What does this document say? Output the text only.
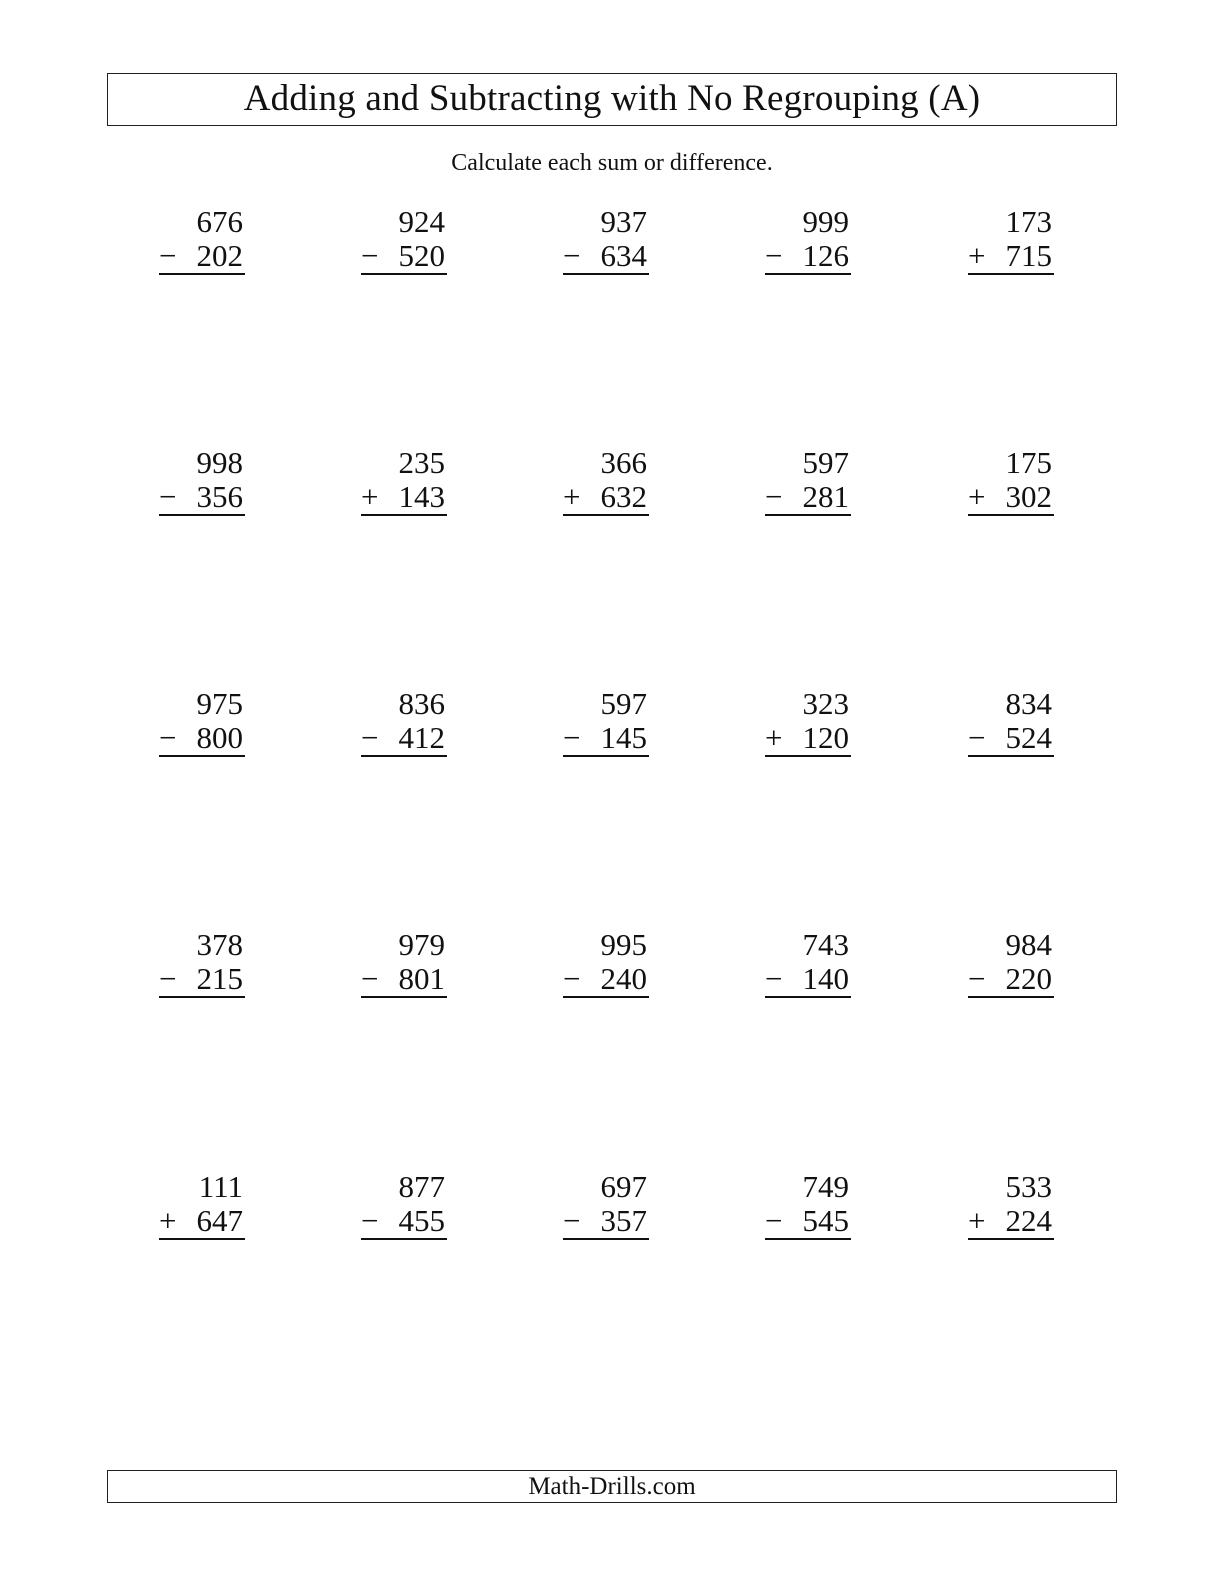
Adding and Subtracting with No Regrouping (A)
Calculate each sum or difference.
676
− 202
924
− 520
937
− 634
999
− 126
173
+ 715
998
− 356
235
+ 143
366
+ 632
597
− 281
175
+ 302
975
− 800
836
− 412
597
− 145
323
+ 120
834
− 524
378
− 215
979
− 801
995
− 240
743
− 140
984
− 220
111
+ 647
877
− 455
697
− 357
749
− 545
533
+ 224
Math-Drills.com
